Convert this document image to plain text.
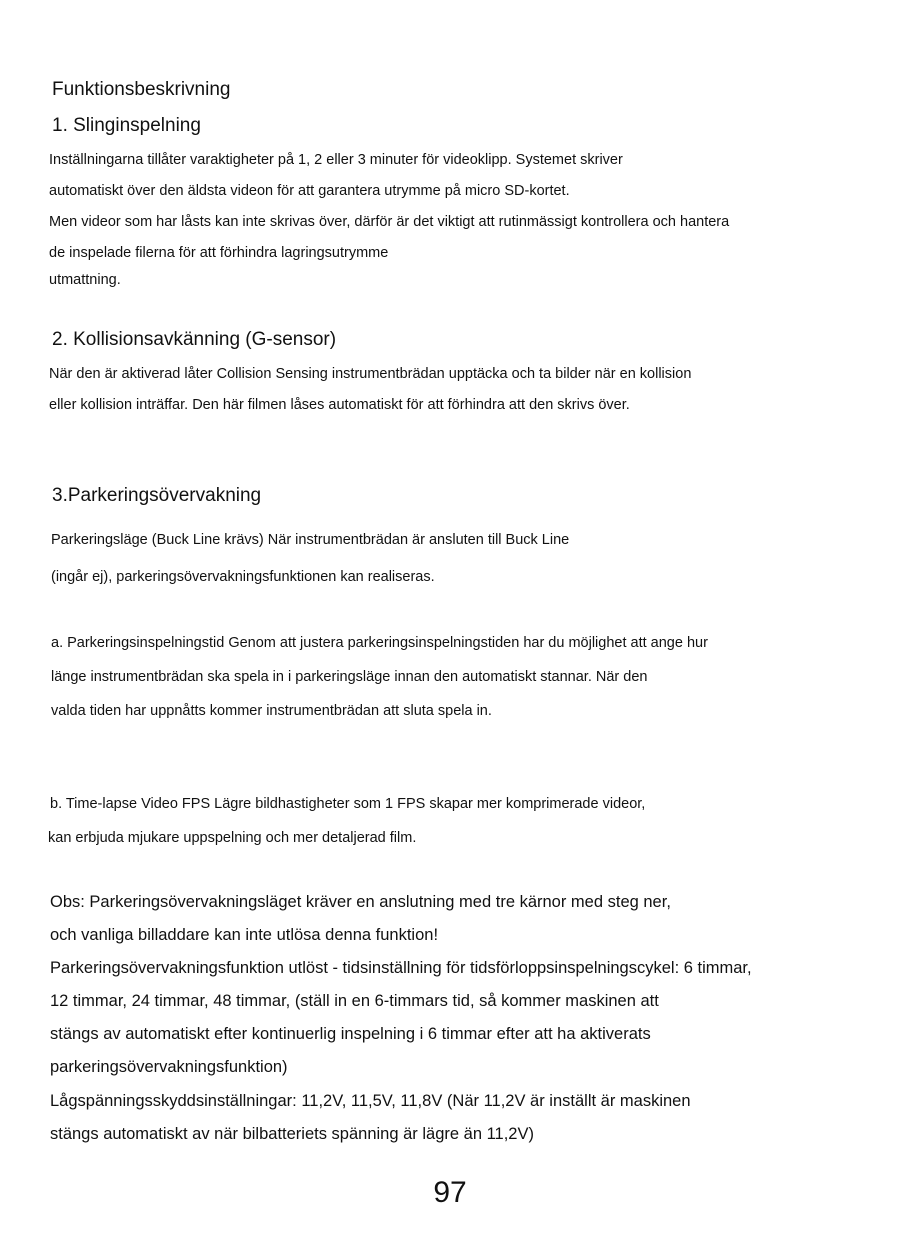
Funktionsbeskrivning
1. Slinginspelning
Inställningarna tillåter varaktigheter på 1, 2 eller 3 minuter för videoklipp. Systemet skriver
automatiskt över den äldsta videon för att garantera utrymme på micro SD-kortet.
Men videor som har låsts kan inte skrivas över, därför är det viktigt att rutinmässigt kontrollera och hantera
de inspelade filerna för att förhindra lagringsutrymme
utmattning.
2. Kollisionsavkänning (G-sensor)
När den är aktiverad låter Collision Sensing instrumentbrädan upptäcka och ta bilder när en kollision
eller kollision inträffar. Den här filmen låses automatiskt för att förhindra att den skrivs över.
3.Parkeringsövervakning
Parkeringsläge (Buck Line krävs) När instrumentbrädan är ansluten till Buck Line
(ingår ej), parkeringsövervakningsfunktionen kan realiseras.
a. Parkeringsinspelningstid Genom att justera parkeringsinspelningstiden har du möjlighet att ange hur
länge instrumentbrädan ska spela in i parkeringsläge innan den automatiskt stannar. När den
valda tiden har uppnåtts kommer instrumentbrädan att sluta spela in.
b. Time-lapse Video FPS Lägre bildhastigheter som 1 FPS skapar mer komprimerade videor,
kan erbjuda mjukare uppspelning och mer detaljerad film.
Obs: Parkeringsövervakningsläget kräver en anslutning med tre kärnor med steg ner,
och vanliga billaddare kan inte utlösa denna funktion!
Parkeringsövervakningsfunktion utlöst - tidsinställning för tidsförloppsinspelningscykel: 6 timmar,
12 timmar, 24 timmar, 48 timmar, (ställ in en 6-timmars tid, så kommer maskinen att
stängs av automatiskt efter kontinuerlig inspelning i 6 timmar efter att ha aktiverats
parkeringsövervakningsfunktion)
Lågspänningsskyddsinställningar: 11,2V, 11,5V, 11,8V (När 11,2V är inställt är maskinen
stängs automatiskt av när bilbatteriets spänning är lägre än 11,2V)
97
